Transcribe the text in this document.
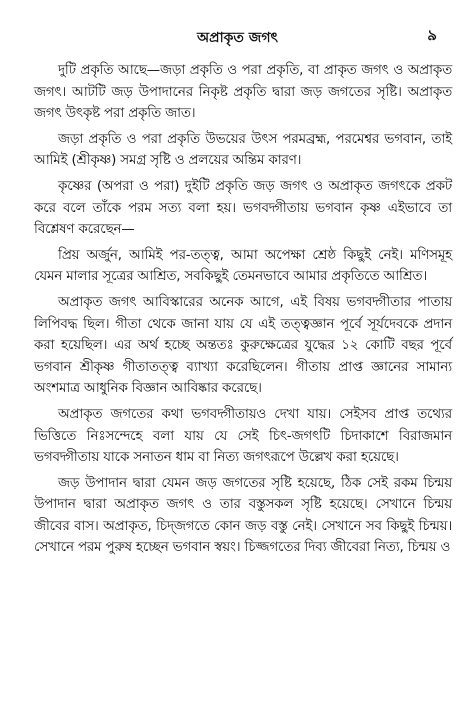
অপ্রাকৃত জগৎ	৯

দুটি প্রকৃতি আছে—জড়া প্রকৃতি ও পরা প্রকৃতি, বা প্রাকৃত জগৎ ও অপ্রাকৃত জগৎ। আটটি জড় উপাদানের নিকৃষ্ট প্রকৃতি দ্বারা জড় জগতের সৃষ্টি। অপ্রাকৃত জগৎ উৎকৃষ্ট পরা প্রকৃতি জাত।

জড়া প্রকৃতি ও পরা প্রকৃতি উভয়ের উৎস পরমব্রহ্ম, পরমেশ্বর ভগবান, তাই আমিই (শ্রীকৃষ্ণ) সমগ্র সৃষ্টি ও প্রলয়ের অন্তিম কারণ।

কৃষ্ণের (অপরা ও পরা) দুইটি প্রকৃতি জড় জগৎ ও অপ্রাকৃত জগৎকে প্রকট করে বলে তাঁকে পরম সত্য বলা হয়। ভগবদ্গীতায় ভগবান কৃষ্ণ এইভাবে তা বিশ্লেষণ করেছেন—

প্রিয় অর্জুন, আমিই পর-তত্ত্ব, আমা অপেক্ষা শ্রেষ্ঠ কিছুই নেই। মণিসমূহ যেমন মালার সূত্রের আশ্রিত, সবকিছুই তেমনভাবে আমার প্রকৃতিতে আশ্রিত।

অপ্রাকৃত জগৎ আবিস্কারের অনেক আগে, এই বিষয় ভগবদ্গীতার পাতায় লিপিবদ্ধ ছিল। গীতা থেকে জানা যায় যে এই তত্ত্বজ্ঞান পূর্বে সূর্যদেবকে প্রদান করা হয়েছিল। এর অর্থ হচ্ছে অন্ততঃ কুরুক্ষেত্রের যুদ্ধের ১২ কোটি বছর পূর্বে ভগবান শ্রীকৃষ্ণ গীতাতত্ত্ব ব্যাখ্যা করেছিলেন। গীতায় প্রাপ্ত জ্ঞানের সামান্য অংশমাত্র আধুনিক বিজ্ঞান আবিষ্কার করেছে।

অপ্রাকৃত জগতের কথা ভগবদ্গীতায়ও দেখা যায়। সেইসব প্রাপ্ত তথ্যের ভিত্তিতে নিঃসন্দেহে বলা যায় যে সেই চিৎ-জগৎটি চিদাকাশে বিরাজমান ভগবদ্গীতায় যাকে সনাতন ধাম বা নিত্য জগৎরূপে উল্লেখ করা হয়েছে।

জড় উপাদান দ্বারা যেমন জড় জগতের সৃষ্টি হয়েছে, ঠিক সেই রকম চিন্ময় উপাদান দ্বারা অপ্রাকৃত জগৎ ও তার বস্তুসকল সৃষ্টি হয়েছে। সেখানে চিন্ময় জীবের বাস। অপ্রাকৃত, চিদ্জগতে কোন জড় বস্তু নেই। সেখানে সব কিছুই চিন্ময়। সেখানে পরম পুরুষ হচ্ছেন ভগবান স্বয়ং। চিজ্জগতের দিব্য জীবেরা নিত্য, চিন্ময় ও
